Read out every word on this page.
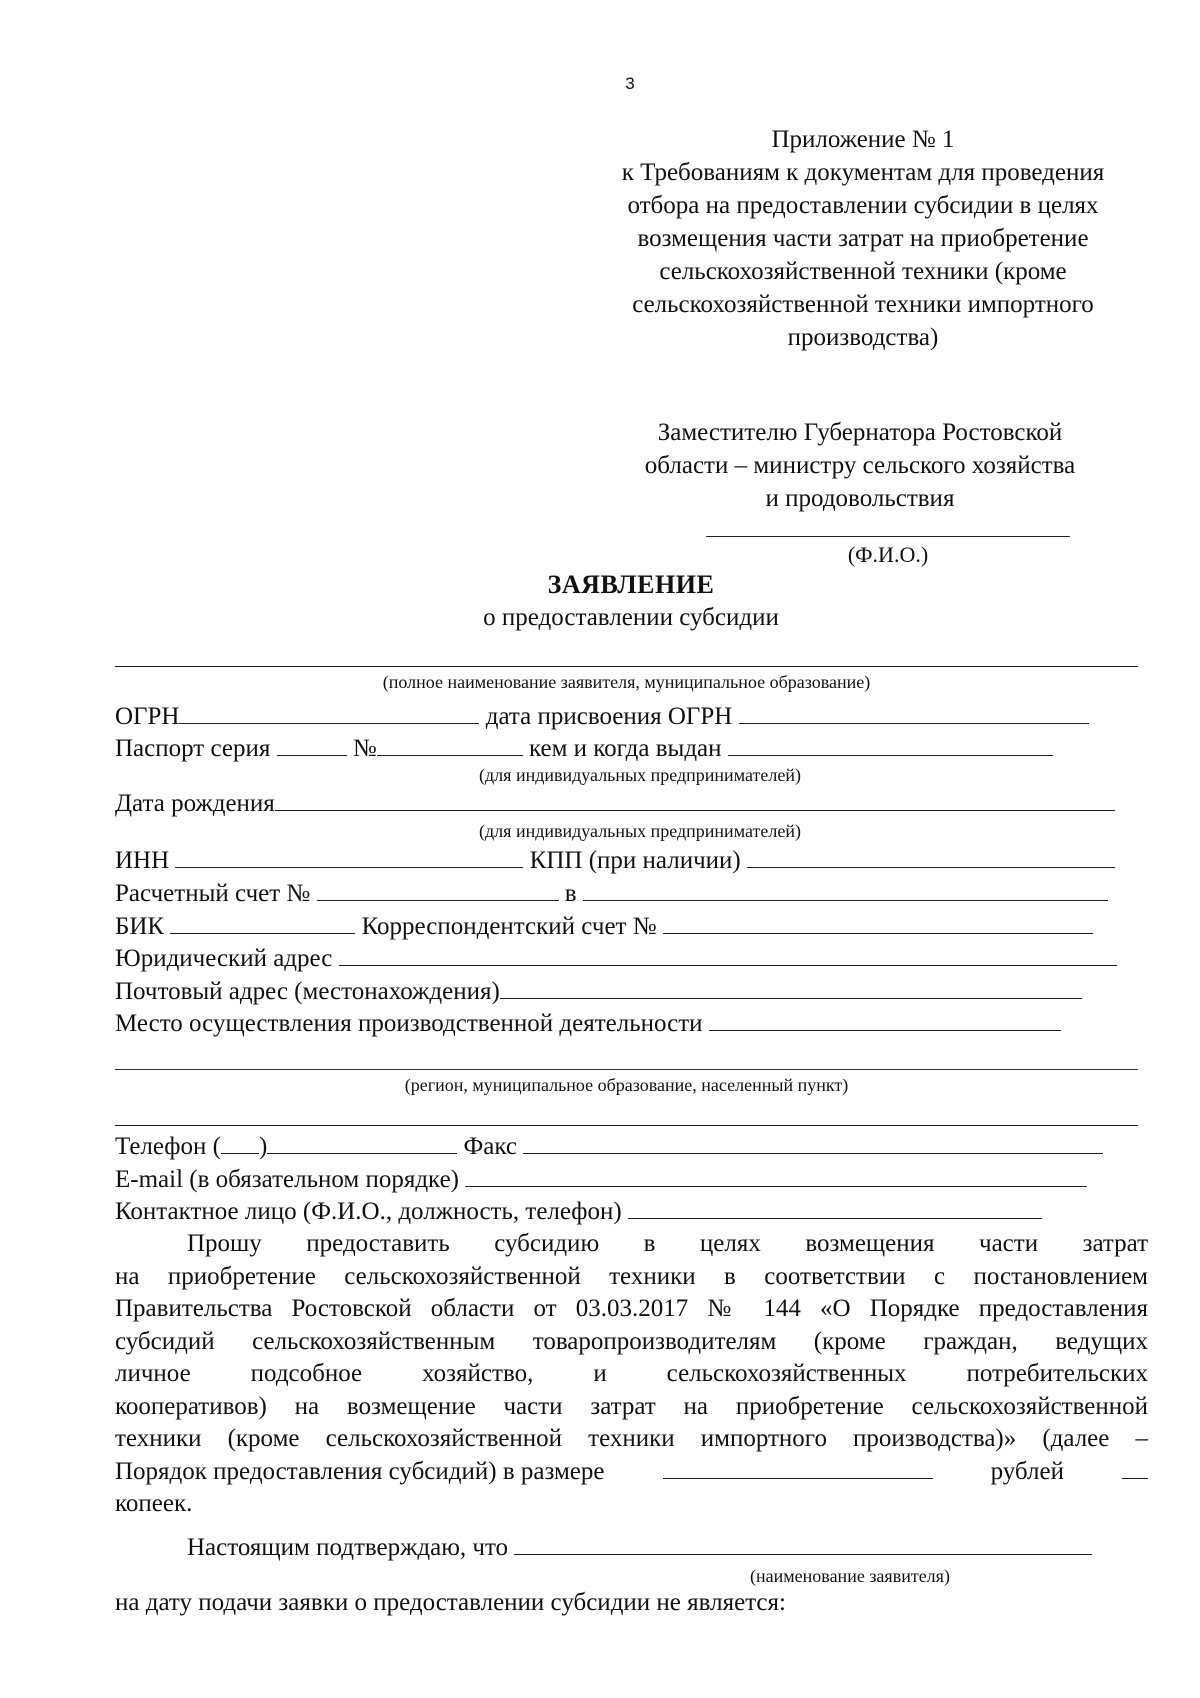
3
Приложение № 1
к Требованиям к документам для проведения
отбора на предоставлении субсидии в целях
возмещения части затрат на приобретение
сельскохозяйственной техники (кроме
сельскохозяйственной техники импортного
производства)
Заместителю Губернатора Ростовской
области – министру сельского хозяйства
и продовольствия
(Ф.И.О.)
ЗАЯВЛЕНИЕ
о предоставлении субсидии
(полное наименование заявителя, муниципальное образование)
ОГРН	дата присвоения ОГРН
Паспорт серия	№	кем и когда выдан
(для индивидуальных предпринимателей)
Дата рождения
(для индивидуальных предпринимателей)
ИНН	КПП (при наличии)
Расчетный счет №	в
БИК	Корреспондентский счет №
Юридический адрес
Почтовый адрес (местонахождения)
Место осуществления производственной деятельности
(регион, муниципальное образование, населенный пункт)
Телефон ( )	Факс
E-mail (в обязательном порядке)
Контактное лицо (Ф.И.О., должность, телефон)
Прошу предоставить субсидию в целях возмещения части затрат
на приобретение сельскохозяйственной техники в соответствии с постановлением
Правительства Ростовской области от 03.03.2017 № 144 «О Порядке предоставления
субсидий сельскохозяйственным товаропроизводителям (кроме граждан, ведущих
личное подсобное хозяйство, и сельскохозяйственных потребительских
кооперативов) на возмещение части затрат на приобретение сельскохозяйственной
техники (кроме сельскохозяйственной техники импортного производства)» (далее –
Порядок предоставления субсидий) в размере	рублей
копеек.
Настоящим подтверждаю, что
(наименование заявителя)
на дату подачи заявки о предоставлении субсидии не является:
